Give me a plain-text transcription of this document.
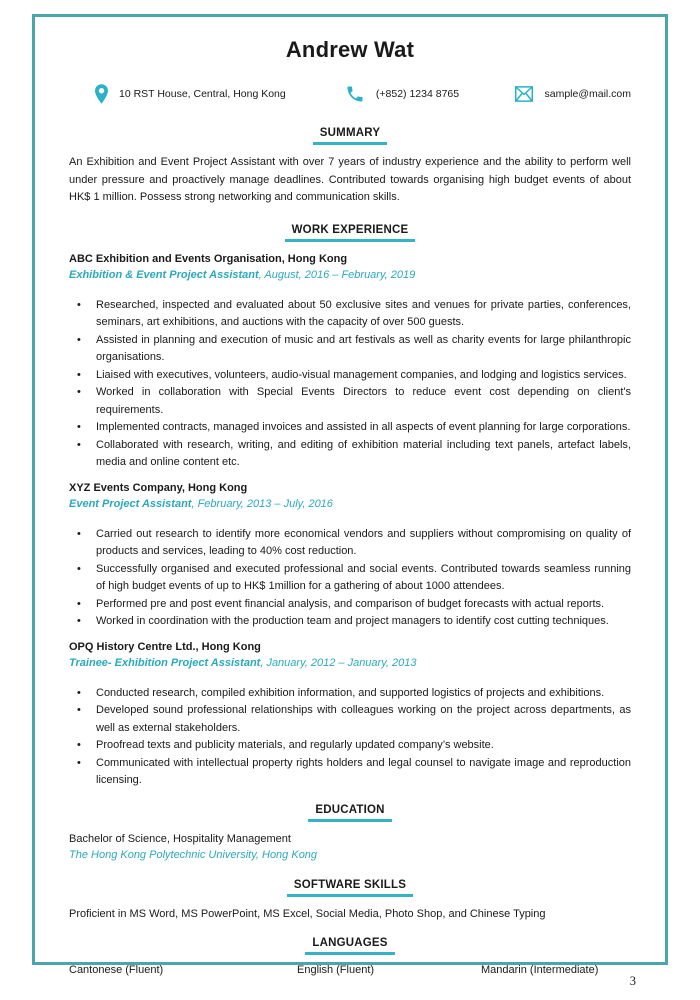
Andrew Wat
10 RST House, Central, Hong Kong	(+852) 1234 8765	sample@mail.com
SUMMARY

An Exhibition and Event Project Assistant with over 7 years of industry experience and the ability to perform well under pressure and proactively manage deadlines. Contributed towards organising high budget events of about HK$ 1 million. Possess strong networking and communication skills.

WORK EXPERIENCE
ABC Exhibition and Events Organisation, Hong Kong
Exhibition & Event Project Assistant, August, 2016 – February, 2019
• Researched, inspected and evaluated about 50 exclusive sites and venues for private parties, conferences, seminars, art exhibitions, and auctions with the capacity of over 500 guests.
• Assisted in planning and execution of music and art festivals as well as charity events for large philanthropic organisations.
• Liaised with executives, volunteers, audio-visual management companies, and lodging and logistics services.
• Worked in collaboration with Special Events Directors to reduce event cost depending on client's requirements.
• Implemented contracts, managed invoices and assisted in all aspects of event planning for large corporations.
• Collaborated with research, writing, and editing of exhibition material including text panels, artefact labels, media and online content etc.
XYZ Events Company, Hong Kong
Event Project Assistant, February, 2013 – July, 2016
• Carried out research to identify more economical vendors and suppliers without compromising on quality of products and services, leading to 40% cost reduction.
• Successfully organised and executed professional and social events. Contributed towards seamless running of high budget events of up to HK$ 1million for a gathering of about 1000 attendees.
• Performed pre and post event financial analysis, and comparison of budget forecasts with actual reports.
• Worked in coordination with the production team and project managers to identify cost cutting techniques.
OPQ History Centre Ltd., Hong Kong
Trainee- Exhibition Project Assistant, January, 2012 – January, 2013
• Conducted research, compiled exhibition information, and supported logistics of projects and exhibitions.
• Developed sound professional relationships with colleagues working on the project across departments, as well as external stakeholders.
• Proofread texts and publicity materials, and regularly updated company’s website.
• Communicated with intellectual property rights holders and legal counsel to navigate image and reproduction licensing.
EDUCATION
Bachelor of Science, Hospitality Management
The Hong Kong Polytechnic University, Hong Kong
SOFTWARE SKILLS
Proficient in MS Word, MS PowerPoint, MS Excel, Social Media, Photo Shop, and Chinese Typing
LANGUAGES
Cantonese (Fluent)	English (Fluent)	Mandarin (Intermediate)
3
